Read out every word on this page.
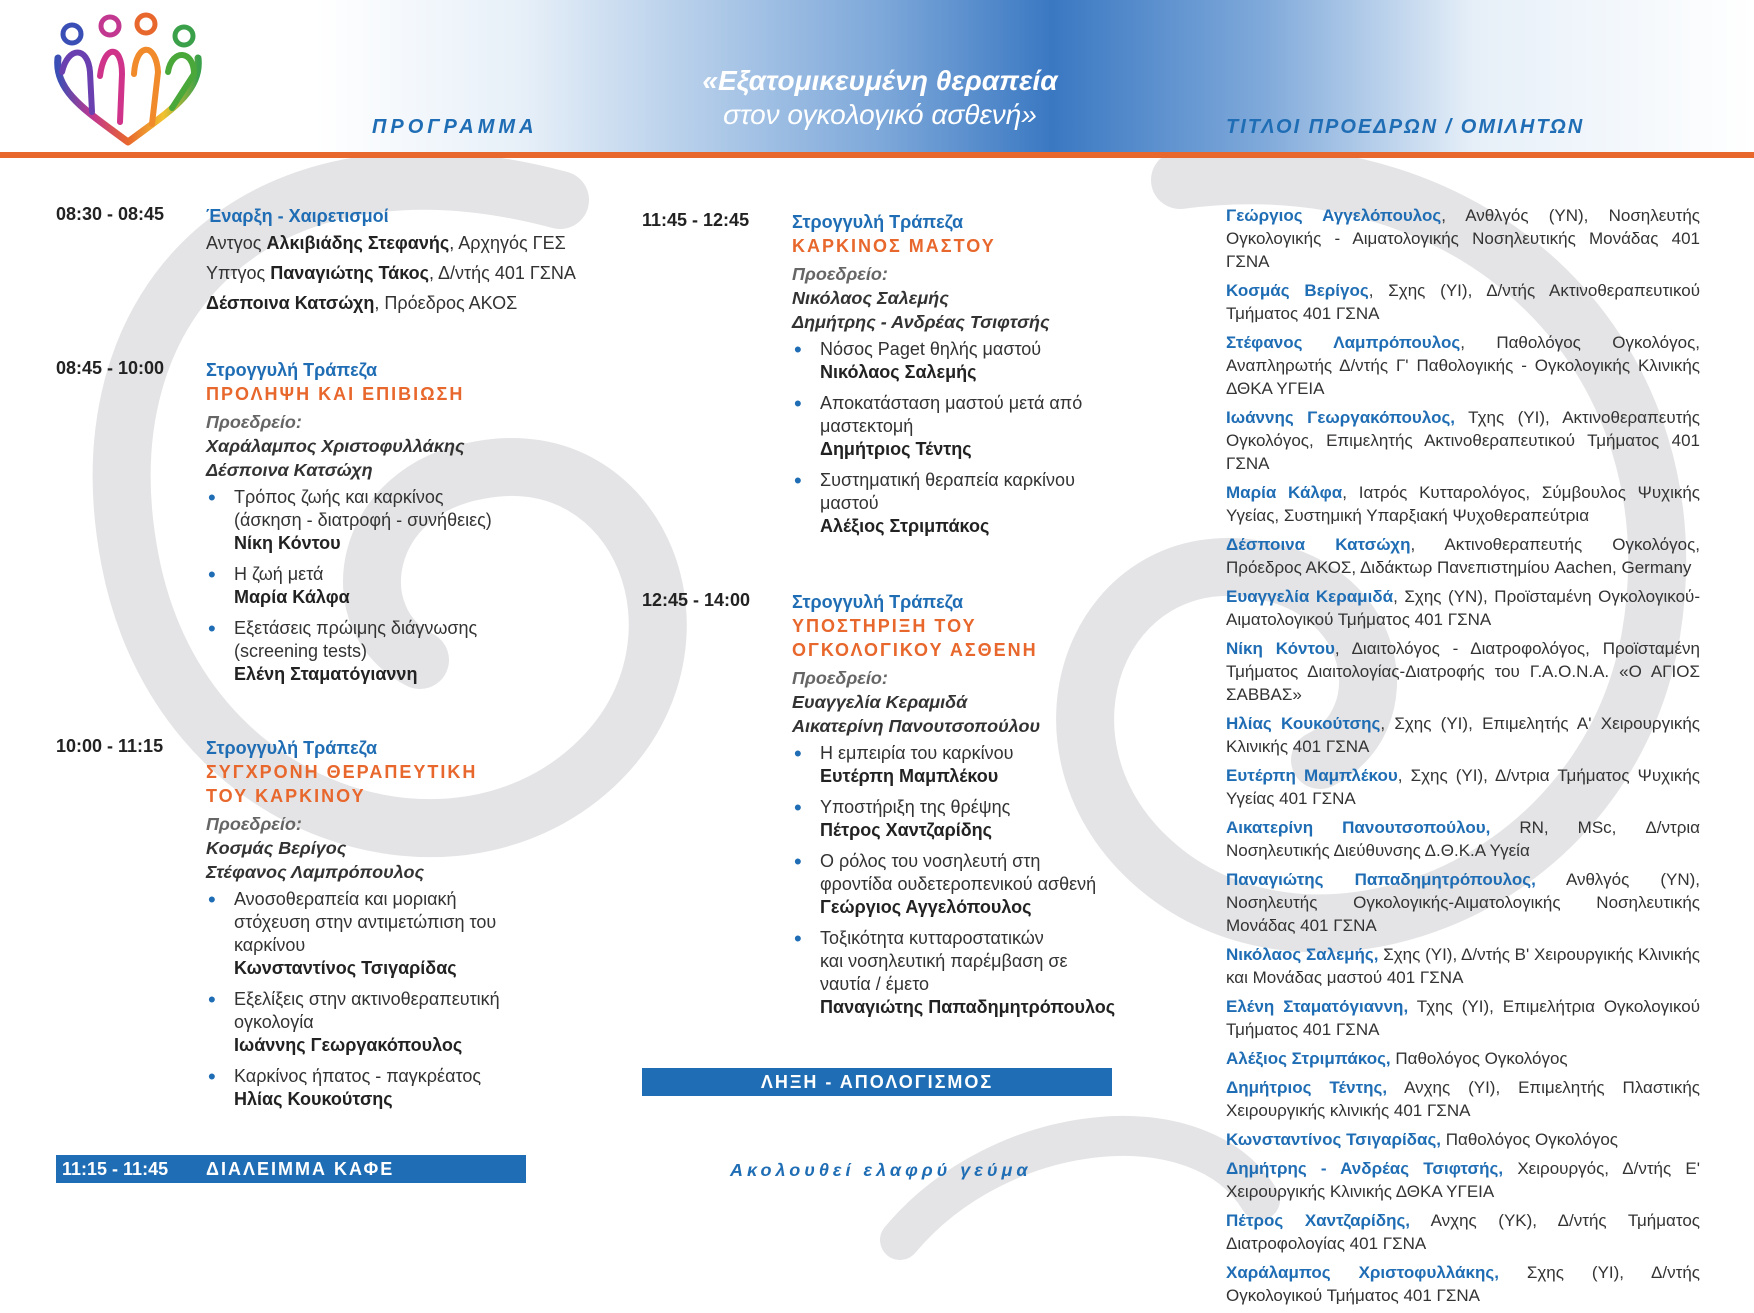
ΠΡΟΓΡΑΜΜΑ
«Εξατομικευμένη θεραπεία
στον ογκολογικό ασθενή»	ΤΙΤΛΟΙ ΠΡΟΕΔΡΩΝ / ΟΜΙΛΗΤΩΝ
08:30 - 08:45 Έναρξη - Χαιρετισμοί
Αντγος Αλκιβιάδης Στεφανής, Αρχηγός ΓΕΣ
Υπτγος Παναγιώτης Τάκος, Δ/ντής 401 ΓΣΝΑ
Δέσποινα Κατσώχη, Πρόεδρος ΑΚΟΣ
08:45 - 10:00 Στρογγυλή Τράπεζα
ΠΡΟΛΗΨΗ ΚΑΙ ΕΠΙΒΙΩΣΗ
Προεδρείο:
Χαράλαμπος Χριστοφυλλάκης
Δέσποινα Κατσώχη
• Τρόπος ζωής και καρκίνος
(άσκηση - διατροφή - συνήθειες)
Νίκη Κόντου
• Η ζωή μετά
Μαρία Κάλφα
• Εξετάσεις πρώιμης διάγνωσης
(screening tests)
Ελένη Σταματόγιαννη
10:00 - 11:15 Στρογγυλή Τράπεζα
ΣΥΓΧΡΟΝΗ ΘΕΡΑΠΕΥΤΙΚΗ
ΤΟΥ ΚΑΡΚΙΝΟΥ
Προεδρείο:
Κοσμάς Βερίγος
Στέφανος Λαμπρόπουλος
• Ανοσοθεραπεία και μοριακή
στόχευση στην αντιμετώπιση του
καρκίνου
Κωνσταντίνος Τσιγαρίδας
• Εξελίξεις στην ακτινοθεραπευτική
ογκολογία
Ιωάννης Γεωργακόπουλος
• Καρκίνος ήπατος - παγκρέατος
Ηλίας Κουκούτσης
11:15 - 11:45 ΔΙΑΛΕΙΜΜΑ ΚΑΦΕ
11:45 - 12:45 Στρογγυλή Τράπεζα
ΚΑΡΚΙΝΟΣ ΜΑΣΤΟΥ
Προεδρείο:
Νικόλαος Σαλεμής
Δημήτρης - Ανδρέας Τσιφτσής
• Νόσος Paget θηλής μαστού
Νικόλαος Σαλεμής
• Αποκατάσταση μαστού μετά από
μαστεκτομή
Δημήτριος Τέντης
• Συστηματική θεραπεία καρκίνου
μαστού
Αλέξιος Στριμπάκος
12:45 - 14:00 Στρογγυλή Τράπεζα
ΥΠΟΣΤΗΡΙΞΗ ΤΟΥ
ΟΓΚΟΛΟΓΙΚΟΥ ΑΣΘΕΝΗ
Προεδρείο:
Ευαγγελία Κεραμιδά
Αικατερίνη Πανουτσοπούλου
• Η εμπειρία του καρκίνου
Ευτέρπη Μαμπλέκου
• Υποστήριξη της θρέψης
Πέτρος Χαντζαρίδης
• Ο ρόλος του νοσηλευτή στη
φροντίδα ουδετεροπενικού ασθενή
Γεώργιος Αγγελόπουλος
• Τοξικότητα κυτταροστατικών
και νοσηλευτική παρέμβαση σε
ναυτία / έμετο
Παναγιώτης Παπαδημητρόπουλος
ΛΗΞΗ - ΑΠΟΛΟΓΙΣΜΟΣ
Ακολουθεί ελαφρύ γεύμα
Γεώργιος Αγγελόπουλος, Ανθλγός (ΥΝ), Νοσηλευτής Ογκολογικής - Αιματολογικής Νοσηλευτικής Μονάδας 401 ΓΣΝΑ
Κοσμάς Βερίγος, Σχης (ΥΙ), Δ/ντής Ακτινοθεραπευτικού Τμήματος 401 ΓΣΝΑ
Στέφανος Λαμπρόπουλος, Παθολόγος Ογκολόγος, Αναπληρωτής Δ/ντής Γ' Παθολογικής - Ογκολογικής Κλινικής ΔΘΚΑ ΥΓΕΙΑ
Ιωάννης Γεωργακόπουλος, Τχης (ΥΙ), Ακτινοθεραπευτής Ογκολόγος, Επιμελητής Ακτινοθεραπευτικού Τμήματος 401 ΓΣΝΑ
Μαρία Κάλφα, Ιατρός Κυτταρολόγος, Σύμβουλος Ψυχικής Υγείας, Συστημική Υπαρξιακή Ψυχοθεραπεύτρια
Δέσποινα Κατσώχη, Ακτινοθεραπευτής Ογκολόγος, Πρόεδρος ΑΚΟΣ, Διδάκτωρ Πανεπιστημίου Aachen, Germany
Ευαγγελία Κεραμιδά, Σχης (ΥΝ), Προϊσταμένη Ογκολογικού-Αιματολογικού Τμήματος 401 ΓΣΝΑ
Νίκη Κόντου, Διαιτολόγος - Διατροφολόγος, Προϊσταμένη Τμήματος Διαιτολογίας-Διατροφής του Γ.Α.Ο.Ν.Α. «Ο ΑΓΙΟΣ ΣΑΒΒΑΣ»
Ηλίας Κουκούτσης, Σχης (ΥΙ), Επιμελητής Α' Χειρουργικής Κλινικής 401 ΓΣΝΑ
Ευτέρπη Μαμπλέκου, Σχης (ΥΙ), Δ/ντρια Τμήματος Ψυχικής Υγείας 401 ΓΣΝΑ
Αικατερίνη Πανουτσοπούλου, RN, MSc, Δ/ντρια Νοσηλευτικής Διεύθυνσης Δ.Θ.Κ.Α Υγεία
Παναγιώτης Παπαδημητρόπουλος, Ανθλγός (ΥΝ), Νοσηλευτής Ογκολογικής-Αιματολογικής Νοσηλευτικής Μονάδας 401 ΓΣΝΑ
Νικόλαος Σαλεμής, Σχης (ΥΙ), Δ/ντής Β' Χειρουργικής Κλινικής και Μονάδας μαστού 401 ΓΣΝΑ
Ελένη Σταματόγιαννη, Τχης (ΥΙ), Επιμελήτρια Ογκολογικού Τμήματος 401 ΓΣΝΑ
Αλέξιος Στριμπάκος, Παθολόγος Ογκολόγος
Δημήτριος Τέντης, Ανχης (ΥΙ), Επιμελητής Πλαστικής Χειρουργικής κλινικής 401 ΓΣΝΑ
Κωνσταντίνος Τσιγαρίδας, Παθολόγος Ογκολόγος
Δημήτρης - Ανδρέας Τσιφτσής, Χειρουργός, Δ/ντής Ε' Χειρουργικής Κλινικής ΔΘΚΑ ΥΓΕΙΑ
Πέτρος Χαντζαρίδης, Ανχης (ΥΚ), Δ/ντής Τμήματος Διατροφολογίας 401 ΓΣΝΑ
Χαράλαμπος Χριστοφυλλάκης, Σχης (ΥΙ), Δ/ντής Ογκολογικού Τμήματος 401 ΓΣΝΑ
